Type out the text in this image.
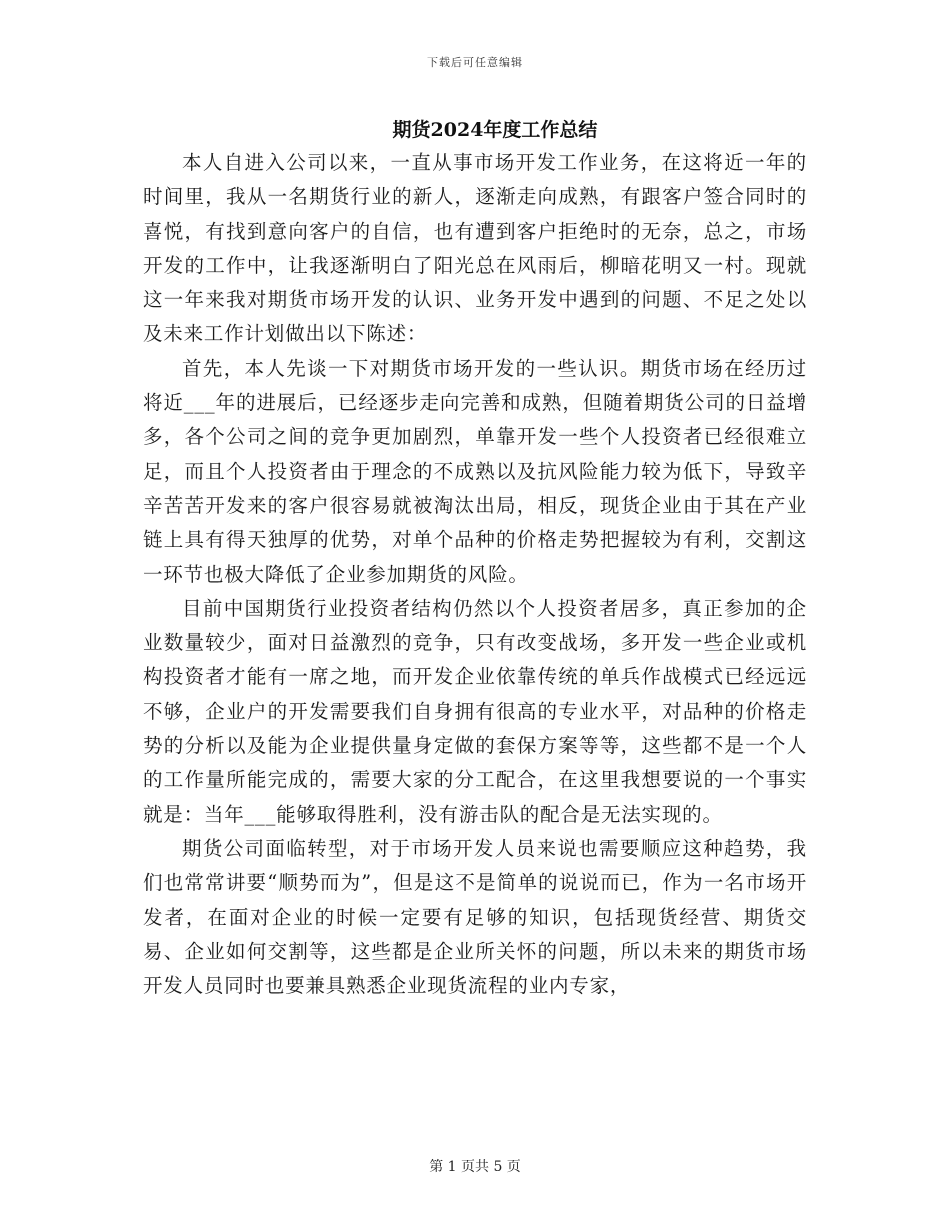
下载后可任意编辑
期货2024年度工作总结

本人自进入公司以来，一直从事市场开发工作业务，在这将近一年的时间里，我从一名期货行业的新人，逐渐走向成熟，有跟客户签合同时的喜悦，有找到意向客户的自信，也有遭到客户拒绝时的无奈，总之，市场开发的工作中，让我逐渐明白了阳光总在风雨后，柳暗花明又一村。现就这一年来我对期货市场开发的认识、业务开发中遇到的问题、不足之处以及未来工作计划做出以下陈述：

首先，本人先谈一下对期货市场开发的一些认识。期货市场在经历过将近___年的进展后，已经逐步走向完善和成熟，但随着期货公司的日益增多，各个公司之间的竞争更加剧烈，单靠开发一些个人投资者已经很难立足，而且个人投资者由于理念的不成熟以及抗风险能力较为低下，导致辛辛苦苦开发来的客户很容易就被淘汰出局，相反，现货企业由于其在产业链上具有得天独厚的优势，对单个品种的价格走势把握较为有利，交割这一环节也极大降低了企业参加期货的风险。

目前中国期货行业投资者结构仍然以个人投资者居多，真正参加的企业数量较少，面对日益激烈的竞争，只有改变战场，多开发一些企业或机构投资者才能有一席之地，而开发企业依靠传统的单兵作战模式已经远远不够，企业户的开发需要我们自身拥有很高的专业水平，对品种的价格走势的分析以及能为企业提供量身定做的套保方案等等，这些都不是一个人的工作量所能完成的，需要大家的分工配合，在这里我想要说的一个事实就是：当年___能够取得胜利，没有游击队的配合是无法实现的。

期货公司面临转型，对于市场开发人员来说也需要顺应这种趋势，我们也常常讲要“顺势而为”，但是这不是简单的说说而已，作为一名市场开发者，在面对企业的时候一定要有足够的知识，包括现货经营、期货交易、企业如何交割等，这些都是企业所关怀的问题，所以未来的期货市场开发人员同时也要兼具熟悉企业现货流程的业内专家，

第 1 页共 5 页
